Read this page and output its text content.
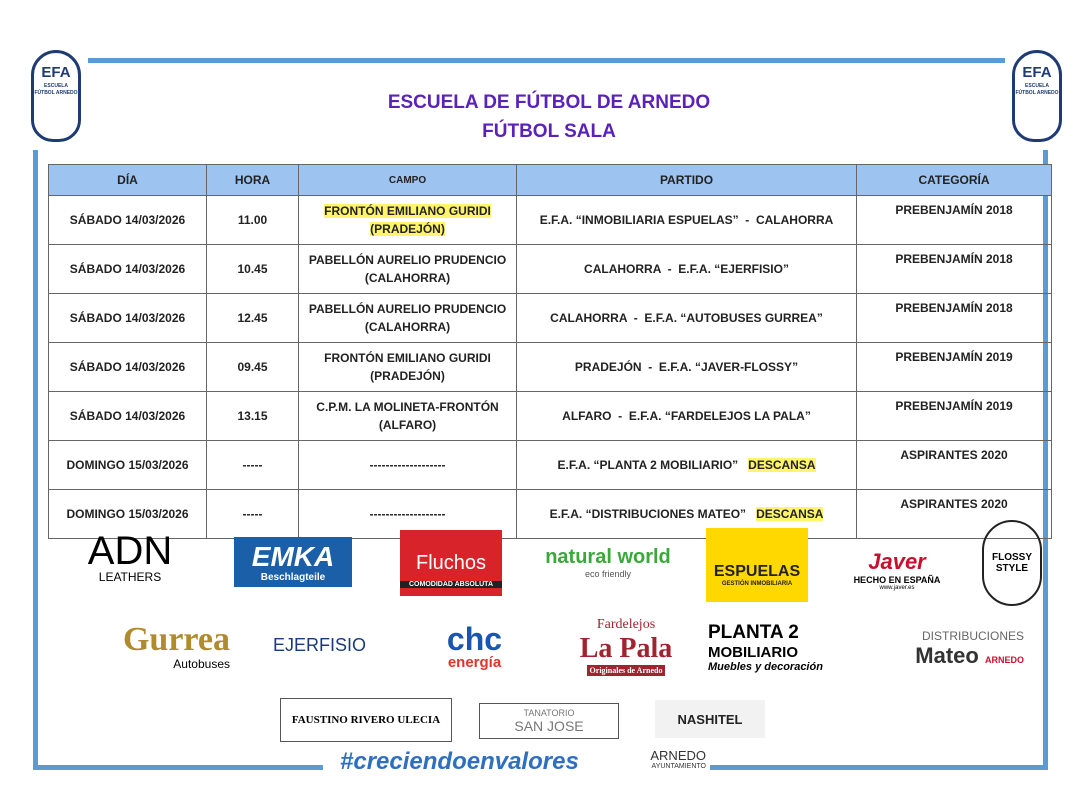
EFA
ESCUELA FÚTBOL ARNEDO
EFA
ESCUELA FÚTBOL ARNEDO
ESCUELA DE FÚTBOL DE ARNEDO
FÚTBOL SALA
DÍA	HORA	CAMPO	PARTIDO	CATEGORÍA
SÁBADO 14/03/2026	11.00	FRONTÓN EMILIANO GURIDI
(PRADEJÓN)	E.F.A. “INMOBILIARIA ESPUELAS”  -  CALAHORRA	PREBENJAMÍN 2018
SÁBADO 14/03/2026	10.45	PABELLÓN AURELIO PRUDENCIO
(CALAHORRA)	CALAHORRA  -  E.F.A. “EJERFISIO”	PREBENJAMÍN 2018
SÁBADO 14/03/2026	12.45	PABELLÓN AURELIO PRUDENCIO
(CALAHORRA)	CALAHORRA  -  E.F.A. “AUTOBUSES GURREA”	PREBENJAMÍN 2018
SÁBADO 14/03/2026	09.45	FRONTÓN EMILIANO GURIDI
(PRADEJÓN)	PRADEJÓN  -  E.F.A. “JAVER-FLOSSY”	PREBENJAMÍN 2019
SÁBADO 14/03/2026	13.15	C.P.M. LA MOLINETA-FRONTÓN
(ALFARO)	ALFARO  -  E.F.A. “FARDELEJOS LA PALA”	PREBENJAMÍN 2019
DOMINGO 15/03/2026	-----	-------------------	E.F.A. “PLANTA 2 MOBILIARIO”   DESCANSA	ASPIRANTES 2020
DOMINGO 15/03/2026	-----	-------------------	E.F.A. “DISTRIBUCIONES MATEO”   DESCANSA	ASPIRANTES 2020
ADN
LEATHERS
EMKA
Beschlagteile
Fluchos
COMODIDAD ABSOLUTA
natural world
eco friendly	ESPUELAS
GESTIÓN INMOBILIARIA
Javer
HECHO EN ESPAÑA
www.javer.es
FLOSSY STYLE
Gurrea
Autobuses
EJERFISIO	chc
energía
Fardelejos
La Pala
Originales de Arnedo
PLANTA 2
MOBILIARIO
Muebles y decoración
DISTRIBUCIONES
Mateo ARNEDO
FAUSTINO RIVERO ULECIA
TANATORIO
SAN JOSE	NASHITEL
#creciendoenvalores	ARNEDO
AYUNTAMIENTO
